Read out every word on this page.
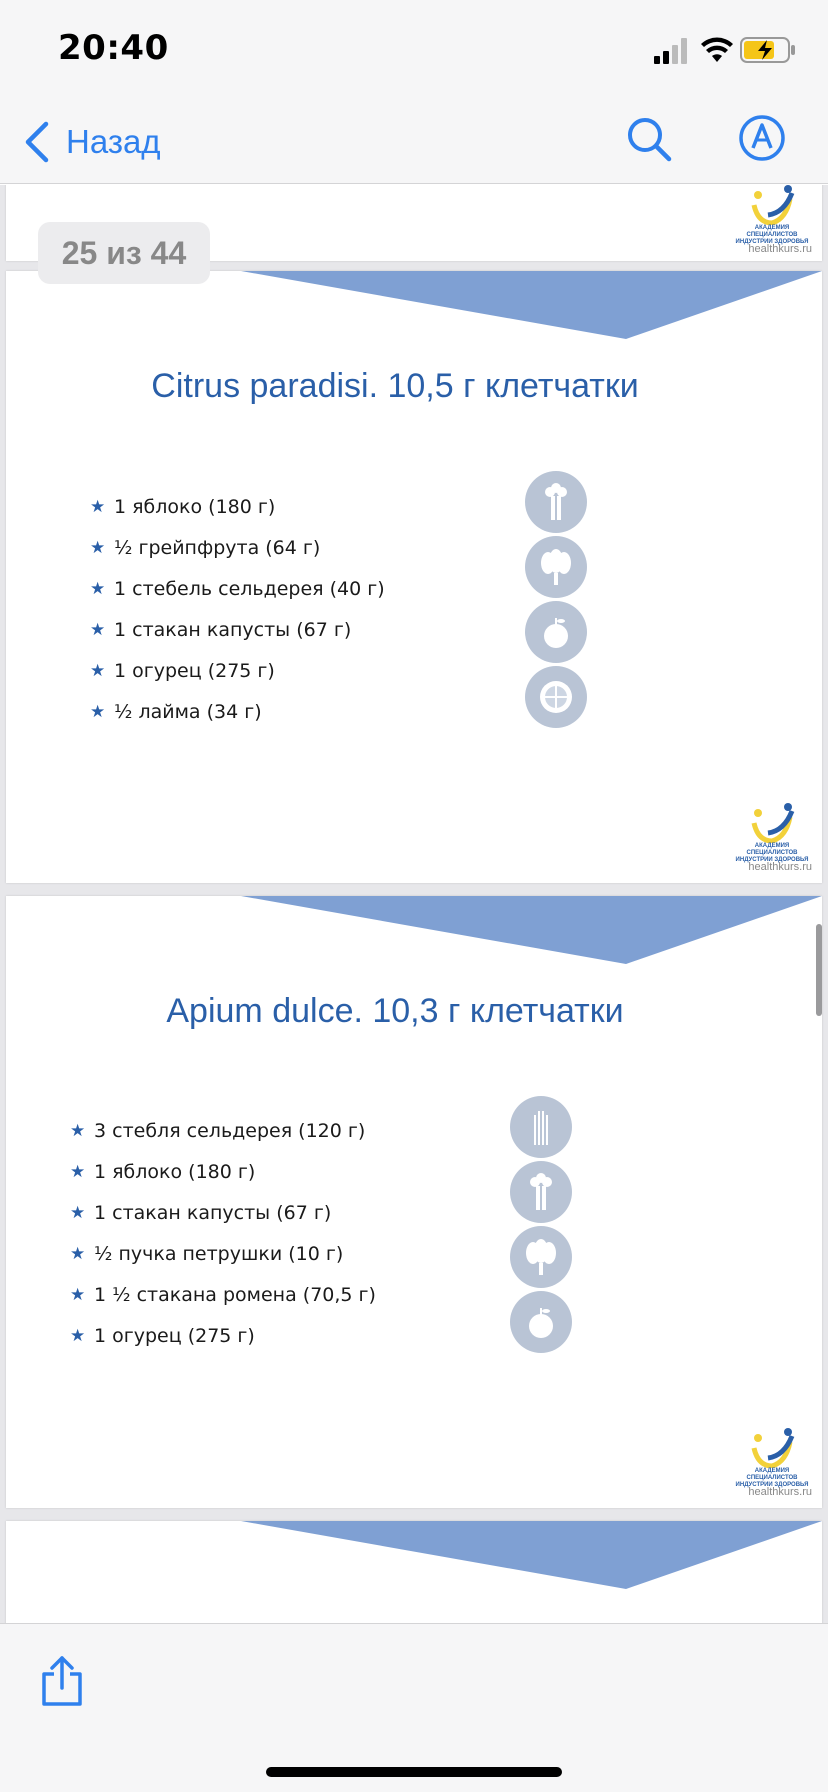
20:40
Назад
АКАДЕМИЯ СПЕЦИАЛИСТОВ ИНДУСТРИИ ЗДОРОВЬЯ
healthkurs.ru
Citrus paradisi. 10,5 г клетчатки
★ 1 яблоко (180 г)
★ ½ грейпфрута (64 г)
★ 1 стебель сельдерея (40 г)
★ 1 стакан капусты (67 г)
★ 1 огурец (275 г)
★ ½ лайма (34 г)
АКАДЕМИЯ СПЕЦИАЛИСТОВ ИНДУСТРИИ ЗДОРОВЬЯ
healthkurs.ru
Apium dulce. 10,3 г клетчатки
★ 3 стебля сельдерея (120 г)
★ 1 яблоко (180 г)
★ 1 стакан капусты (67 г)
★ ½ пучка петрушки (10 г)
★ 1 ½ стакана ромена (70,5 г)
★ 1 огурец (275 г)
АКАДЕМИЯ СПЕЦИАЛИСТОВ ИНДУСТРИИ ЗДОРОВЬЯ
healthkurs.ru
25 из 44
